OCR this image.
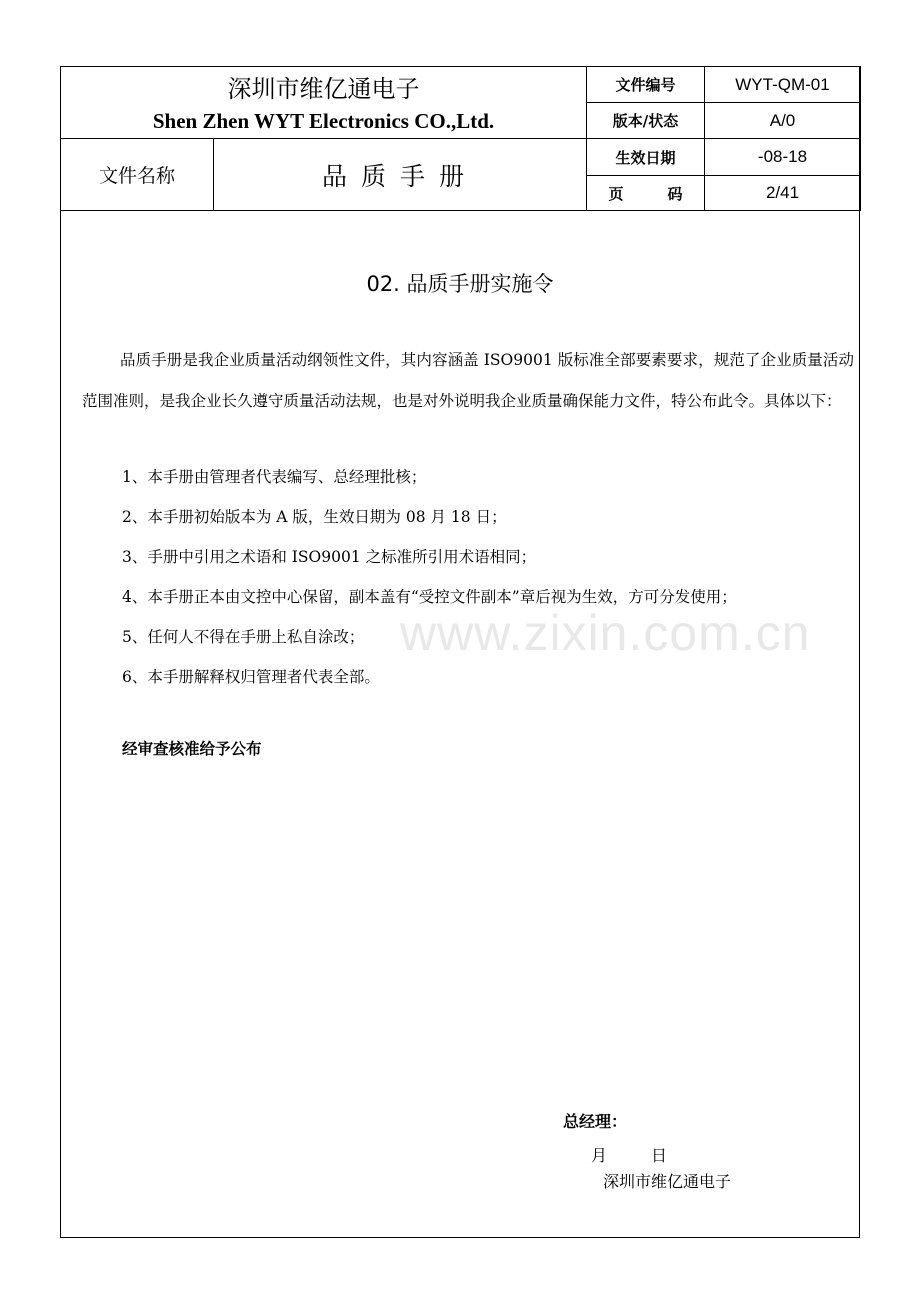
深圳市维亿通电子
Shen Zhen WYT Electronics CO.,Ltd.		文件编号	WYT-QM-01
		版本/状态	A/0
文件名称	品质手册	生效日期	-08-18
		页码	2/41
02. 品质手册实施令
品质手册是我企业质量活动纲领性文件，其内容涵盖 ISO9001 版标准全部要素要求，规范了企业质量活动范围准则，是我企业长久遵守质量活动法规，也是对外说明我企业质量确保能力文件，特公布此令。具体以下：
1、本手册由管理者代表编写、总经理批核；
2、本手册初始版本为 A 版，生效日期为 08 月 18 日；
3、手册中引用之术语和 ISO9001 之标准所引用术语相同；
4、本手册正本由文控中心保留，副本盖有“受控文件副本”章后视为生效，方可分发使用；
5、任何人不得在手册上私自涂改；
6、本手册解释权归管理者代表全部。
经审查核准给予公布
www.zixin.com.cn
总经理：
月	日
深圳市维亿通电子
